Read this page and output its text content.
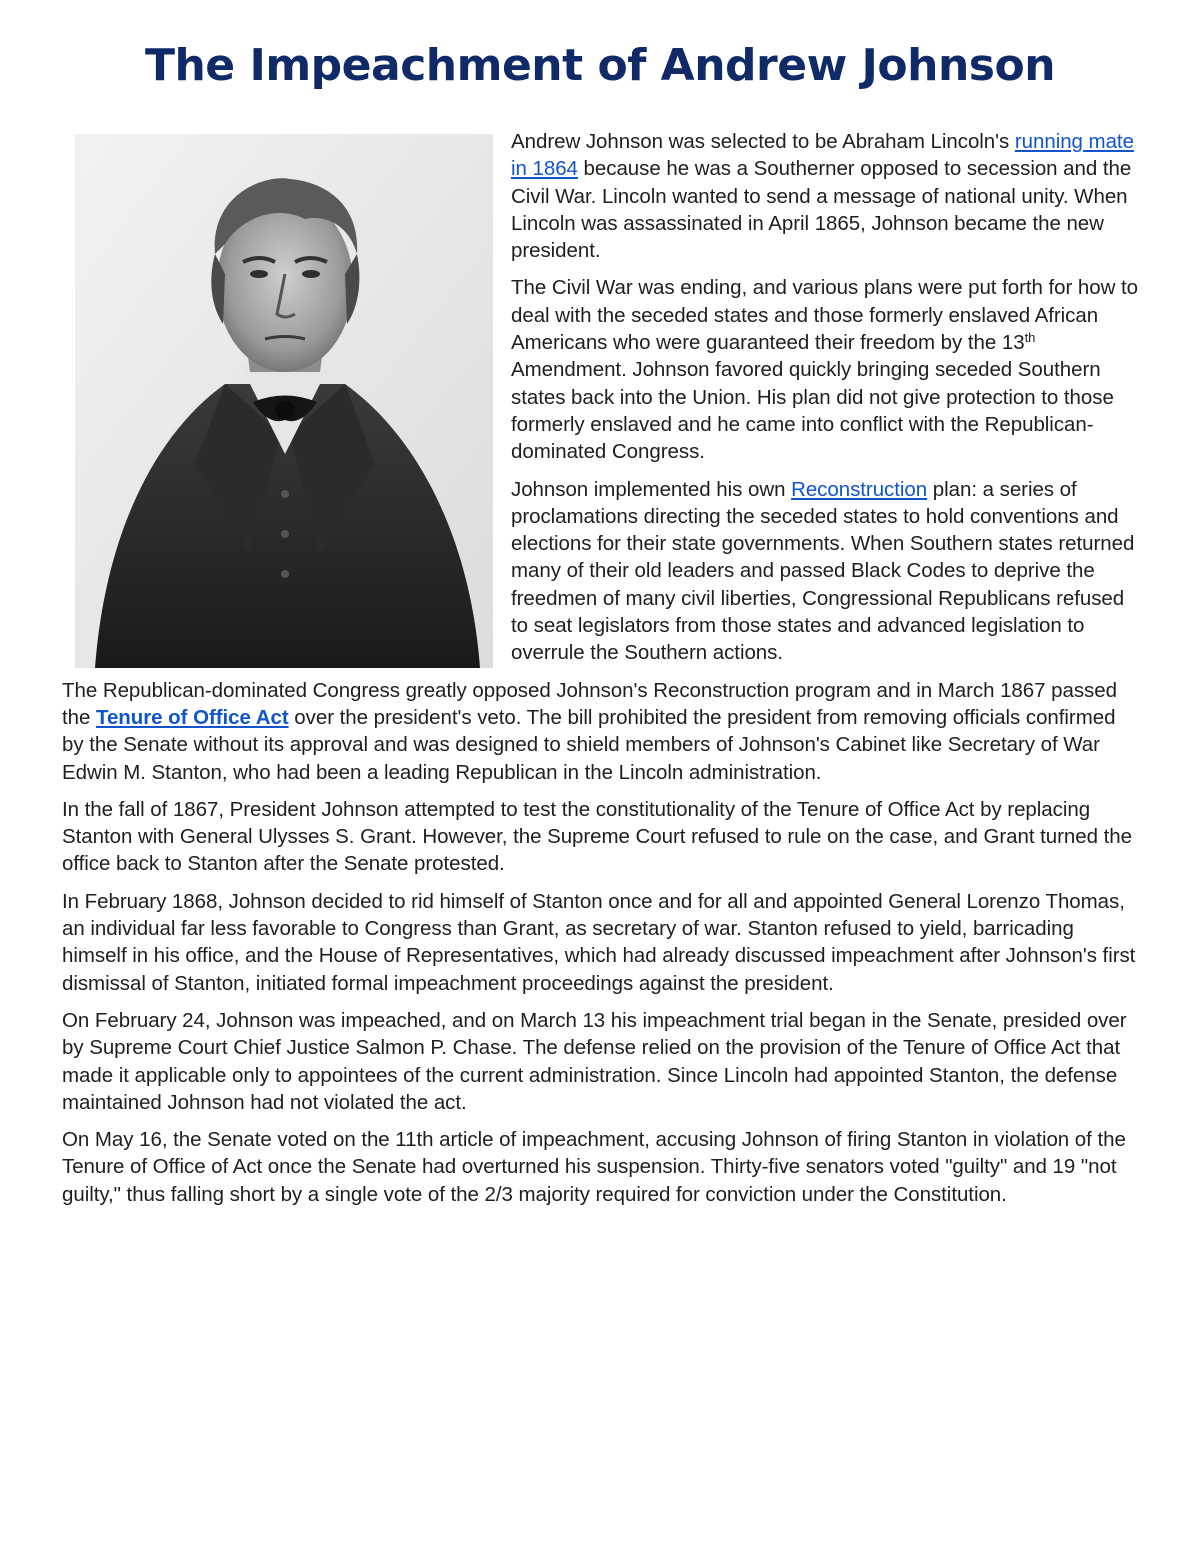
The Impeachment of Andrew Johnson

Andrew Johnson was selected to be Abraham Lincoln's running mate in 1864 because he was a Southerner opposed to secession and the Civil War. Lincoln wanted to send a message of national unity. When Lincoln was assassinated in April 1865, Johnson became the new president.

The Civil War was ending, and various plans were put forth for how to deal with the seceded states and those formerly enslaved African Americans who were guaranteed their freedom by the 13th Amendment. Johnson favored quickly bringing seceded Southern states back into the Union. His plan did not give protection to those formerly enslaved and he came into conflict with the Republican-dominated Congress.

Johnson implemented his own Reconstruction plan: a series of proclamations directing the seceded states to hold conventions and elections for their state governments. When Southern states returned many of their old leaders and passed Black Codes to deprive the freedmen of many civil liberties, Congressional Republicans refused to seat legislators from those states and advanced legislation to overrule the Southern actions.

The Republican-dominated Congress greatly opposed Johnson's Reconstruction program and in March 1867 passed the Tenure of Office Act over the president's veto. The bill prohibited the president from removing officials confirmed by the Senate without its approval and was designed to shield members of Johnson's Cabinet like Secretary of War Edwin M. Stanton, who had been a leading Republican in the Lincoln administration.

In the fall of 1867, President Johnson attempted to test the constitutionality of the Tenure of Office Act by replacing Stanton with General Ulysses S. Grant. However, the Supreme Court refused to rule on the case, and Grant turned the office back to Stanton after the Senate protested.

In February 1868, Johnson decided to rid himself of Stanton once and for all and appointed General Lorenzo Thomas, an individual far less favorable to Congress than Grant, as secretary of war. Stanton refused to yield, barricading himself in his office, and the House of Representatives, which had already discussed impeachment after Johnson's first dismissal of Stanton, initiated formal impeachment proceedings against the president.

On February 24, Johnson was impeached, and on March 13 his impeachment trial began in the Senate, presided over by Supreme Court Chief Justice Salmon P. Chase. The defense relied on the provision of the Tenure of Office Act that made it applicable only to appointees of the current administration. Since Lincoln had appointed Stanton, the defense maintained Johnson had not violated the act.

On May 16, the Senate voted on the 11th article of impeachment, accusing Johnson of firing Stanton in violation of the Tenure of Office of Act once the Senate had overturned his suspension. Thirty-five senators voted "guilty" and 19 "not guilty," thus falling short by a single vote of the 2/3 majority required for conviction under the Constitution.
